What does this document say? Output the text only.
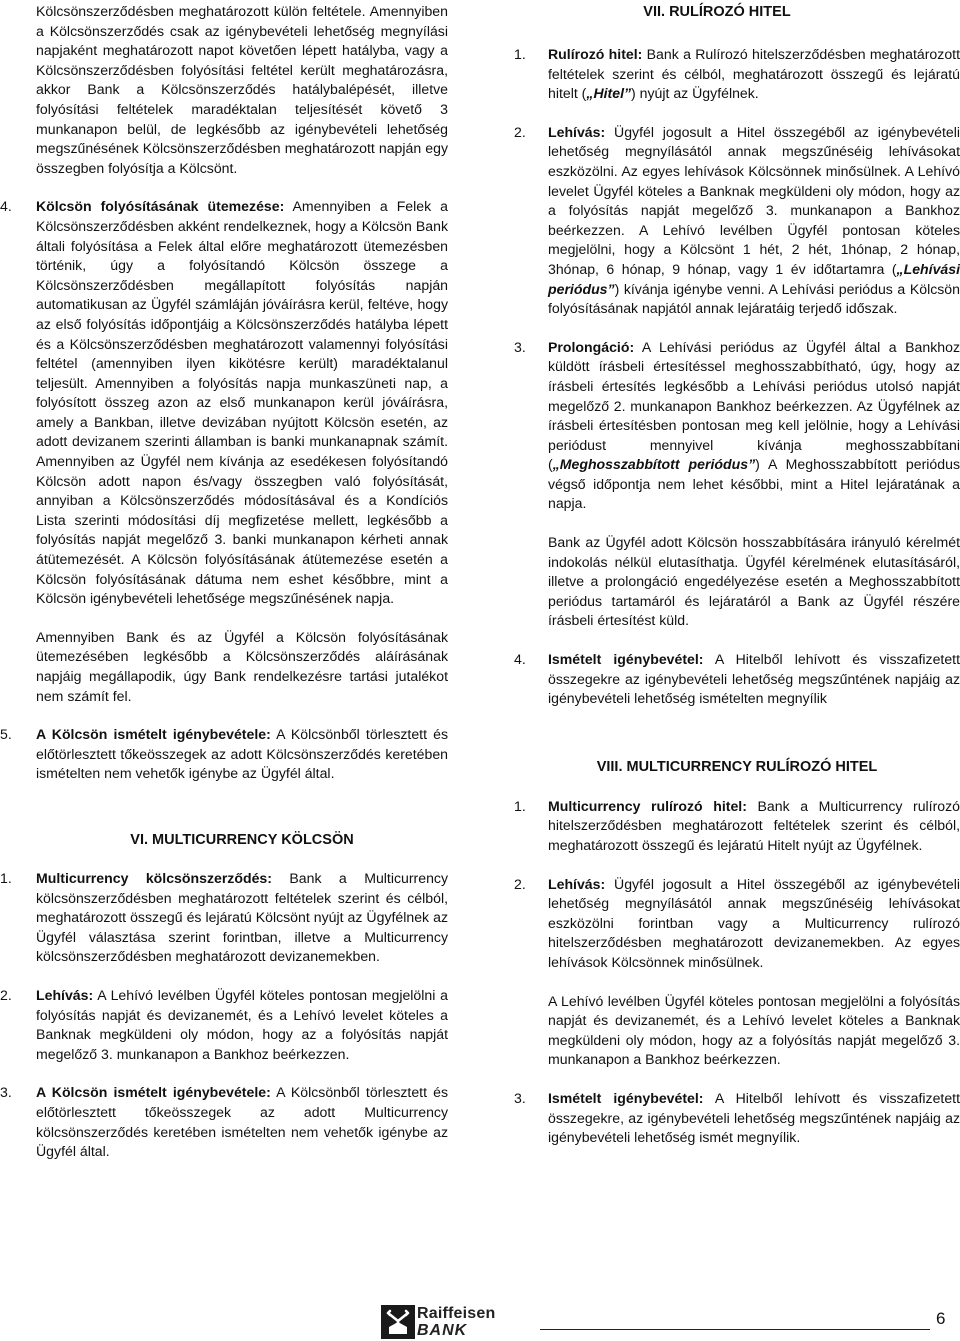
Kölcsönszerződésben meghatározott külön feltétele. Amennyiben a Kölcsönszerződés csak az igénybevételi lehetőség megnyílási napjaként meghatározott napot követően lépett hatályba, vagy a Kölcsönszerződésben folyósítási feltétel került meghatározásra, akkor Bank a Kölcsönszerződés hatálybalépését, illetve folyósítási feltételek maradéktalan teljesítését követő 3 munkanapon belül, de legkésőbb az igénybevételi lehetőség megszűnésének Kölcsönszerződésben meghatározott napján egy összegben folyósítja a Kölcsönt.

4. Kölcsön folyósításának ütemezése: Amennyiben a Felek a Kölcsönszerződésben akként rendelkeznek, hogy a Kölcsön Bank általi folyósítása a Felek által előre meghatározott ütemezésben történik, úgy a folyósítandó Kölcsön összege a Kölcsönszerződésben megállapított folyósítás napján automatikusan az Ügyfél számláján jóváírásra kerül, feltéve, hogy az első folyósítás időpontjáig a Kölcsönszerződés hatályba lépett és a Kölcsönszerződésben meghatározott valamennyi folyósítási feltétel (amennyiben ilyen kikötésre került) maradéktalanul teljesült. Amennyiben a folyósítás napja munkaszüneti nap, a folyósított összeg azon az első munkanapon kerül jóváírásra, amely a Bankban, illetve devizában nyújtott Kölcsön esetén, az adott devizanem szerinti államban is banki munkanapnak számít. Amennyiben az Ügyfél nem kívánja az esedékesen folyósítandó Kölcsön adott napon és/vagy összegben való folyósítását, annyiban a Kölcsönszerződés módosításával és a Kondíciós Lista szerinti módosítási díj megfizetése mellett, legkésőbb a folyósítás napját megelőző 3. banki munkanapon kérheti annak átütemezését. A Kölcsön folyósításának átütemezése esetén a Kölcsön folyósításának dátuma nem eshet későbbre, mint a Kölcsön igénybevételi lehetősége megszűnésének napja.
Amennyiben Bank és az Ügyfél a Kölcsön folyósításának ütemezésében legkésőbb a Kölcsönszerződés aláírásának napjáig megállapodik, úgy Bank rendelkezésre tartási jutalékot nem számít fel.
5. A Kölcsön ismételt igénybevétele: A Kölcsönből törlesztett és előtörlesztett tőkeösszegek az adott Kölcsönszerződés keretében ismételten nem vehetők igénybe az Ügyfél által.
VI. MULTICURRENCY KÖLCSÖN
1. Multicurrency kölcsönszerződés: Bank a Multicurrency kölcsönszerződésben meghatározott feltételek szerint és célból, meghatározott összegű és lejáratú Kölcsönt nyújt az Ügyfélnek az Ügyfél választása szerint forintban, illetve a Multicurrency kölcsönszerződésben meghatározott devizanemekben.
2. Lehívás: A Lehívó levélben Ügyfél köteles pontosan megjelölni a folyósítás napját és devizanemét, és a Lehívó levelet köteles a Banknak megküldeni oly módon, hogy az a folyósítás napját megelőző 3. munkanapon a Bankhoz beérkezzen.
3. A Kölcsön ismételt igénybevétele: A Kölcsönből törlesztett és előtörlesztett tőkeösszegek az adott Multicurrency kölcsönszerződés keretében ismételten nem vehetők igénybe az Ügyfél által.
VII. RULÍROZÓ HITEL
1. Rulírozó hitel: Bank a Rulírozó hitelszerződésben meghatározott feltételek szerint és célból, meghatározott összegű és lejáratú hitelt („Hitel”) nyújt az Ügyfélnek.
2. Lehívás: Ügyfél jogosult a Hitel összegéből az igénybevételi lehetőség megnyílásától annak megszűnéséig lehívásokat eszközölni. Az egyes lehívások Kölcsönnek minősülnek. A Lehívó levelet Ügyfél köteles a Banknak megküldeni oly módon, hogy az a folyósítás napját megelőző 3. munkanapon a Bankhoz beérkezzen. A Lehívó levélben Ügyfél pontosan köteles megjelölni, hogy a Kölcsönt 1 hét, 2 hét, 1hónap, 2 hónap, 3hónap, 6 hónap, 9 hónap, vagy 1 év időtartamra („Lehívási periódus”) kívánja igénybe venni. A Lehívási periódus a Kölcsön folyósításának napjától annak lejáratáig terjedő időszak.
3. Prolongáció: A Lehívási periódus az Ügyfél által a Bankhoz küldött írásbeli értesítéssel meghosszabbítható, úgy, hogy az írásbeli értesítés legkésőbb a Lehívási periódus utolsó napját megelőző 2. munkanapon Bankhoz beérkezzen. Az Ügyfélnek az írásbeli értesítésben pontosan meg kell jelölnie, hogy a Lehívási periódust mennyivel kívánja meghosszabbítani („Meghosszabbított periódus”) A Meghosszabbított periódus végső időpontja nem lehet későbbi, mint a Hitel lejáratának a napja.
Bank az Ügyfél adott Kölcsön hosszabbítására irányuló kérelmét indokolás nélkül elutasíthatja. Ügyfél kérelmének elutasításáról, illetve a prolongáció engedélyezése esetén a Meghosszabbított periódus tartamáról és lejáratáról a Bank az Ügyfél részére írásbeli értesítést küld.
4. Ismételt igénybevétel: A Hitelből lehívott és visszafizetett összegekre az igénybevételi lehetőség megszűntének napjáig az igénybevételi lehetőség ismételten megnyílik
VIII. MULTICURRENCY RULÍROZÓ HITEL
1. Multicurrency rulírozó hitel: Bank a Multicurrency rulírozó hitelszerződésben meghatározott feltételek szerint és célból, meghatározott összegű és lejáratú Hitelt nyújt az Ügyfélnek.
2. Lehívás: Ügyfél jogosult a Hitel összegéből az igénybevételi lehetőség megnyílásától annak megszűnéséig lehívásokat eszközölni forintban vagy a Multicurrency rulírozó hitelszerződésben meghatározott devizanemekben. Az egyes lehívások Kölcsönnek minősülnek.
A Lehívó levélben Ügyfél köteles pontosan megjelölni a folyósítás napját és devizanemét, és a Lehívó levelet köteles a Banknak megküldeni oly módon, hogy az a folyósítás napját megelőző 3. munkanapon a Bankhoz beérkezzen.
3. Ismételt igénybevétel: A Hitelből lehívott és visszafizetett összegekre, az igénybevételi lehetőség megszűntének napjáig az igénybevételi lehetőség ismét megnyílik.
Raiffeisen
BANK
6
